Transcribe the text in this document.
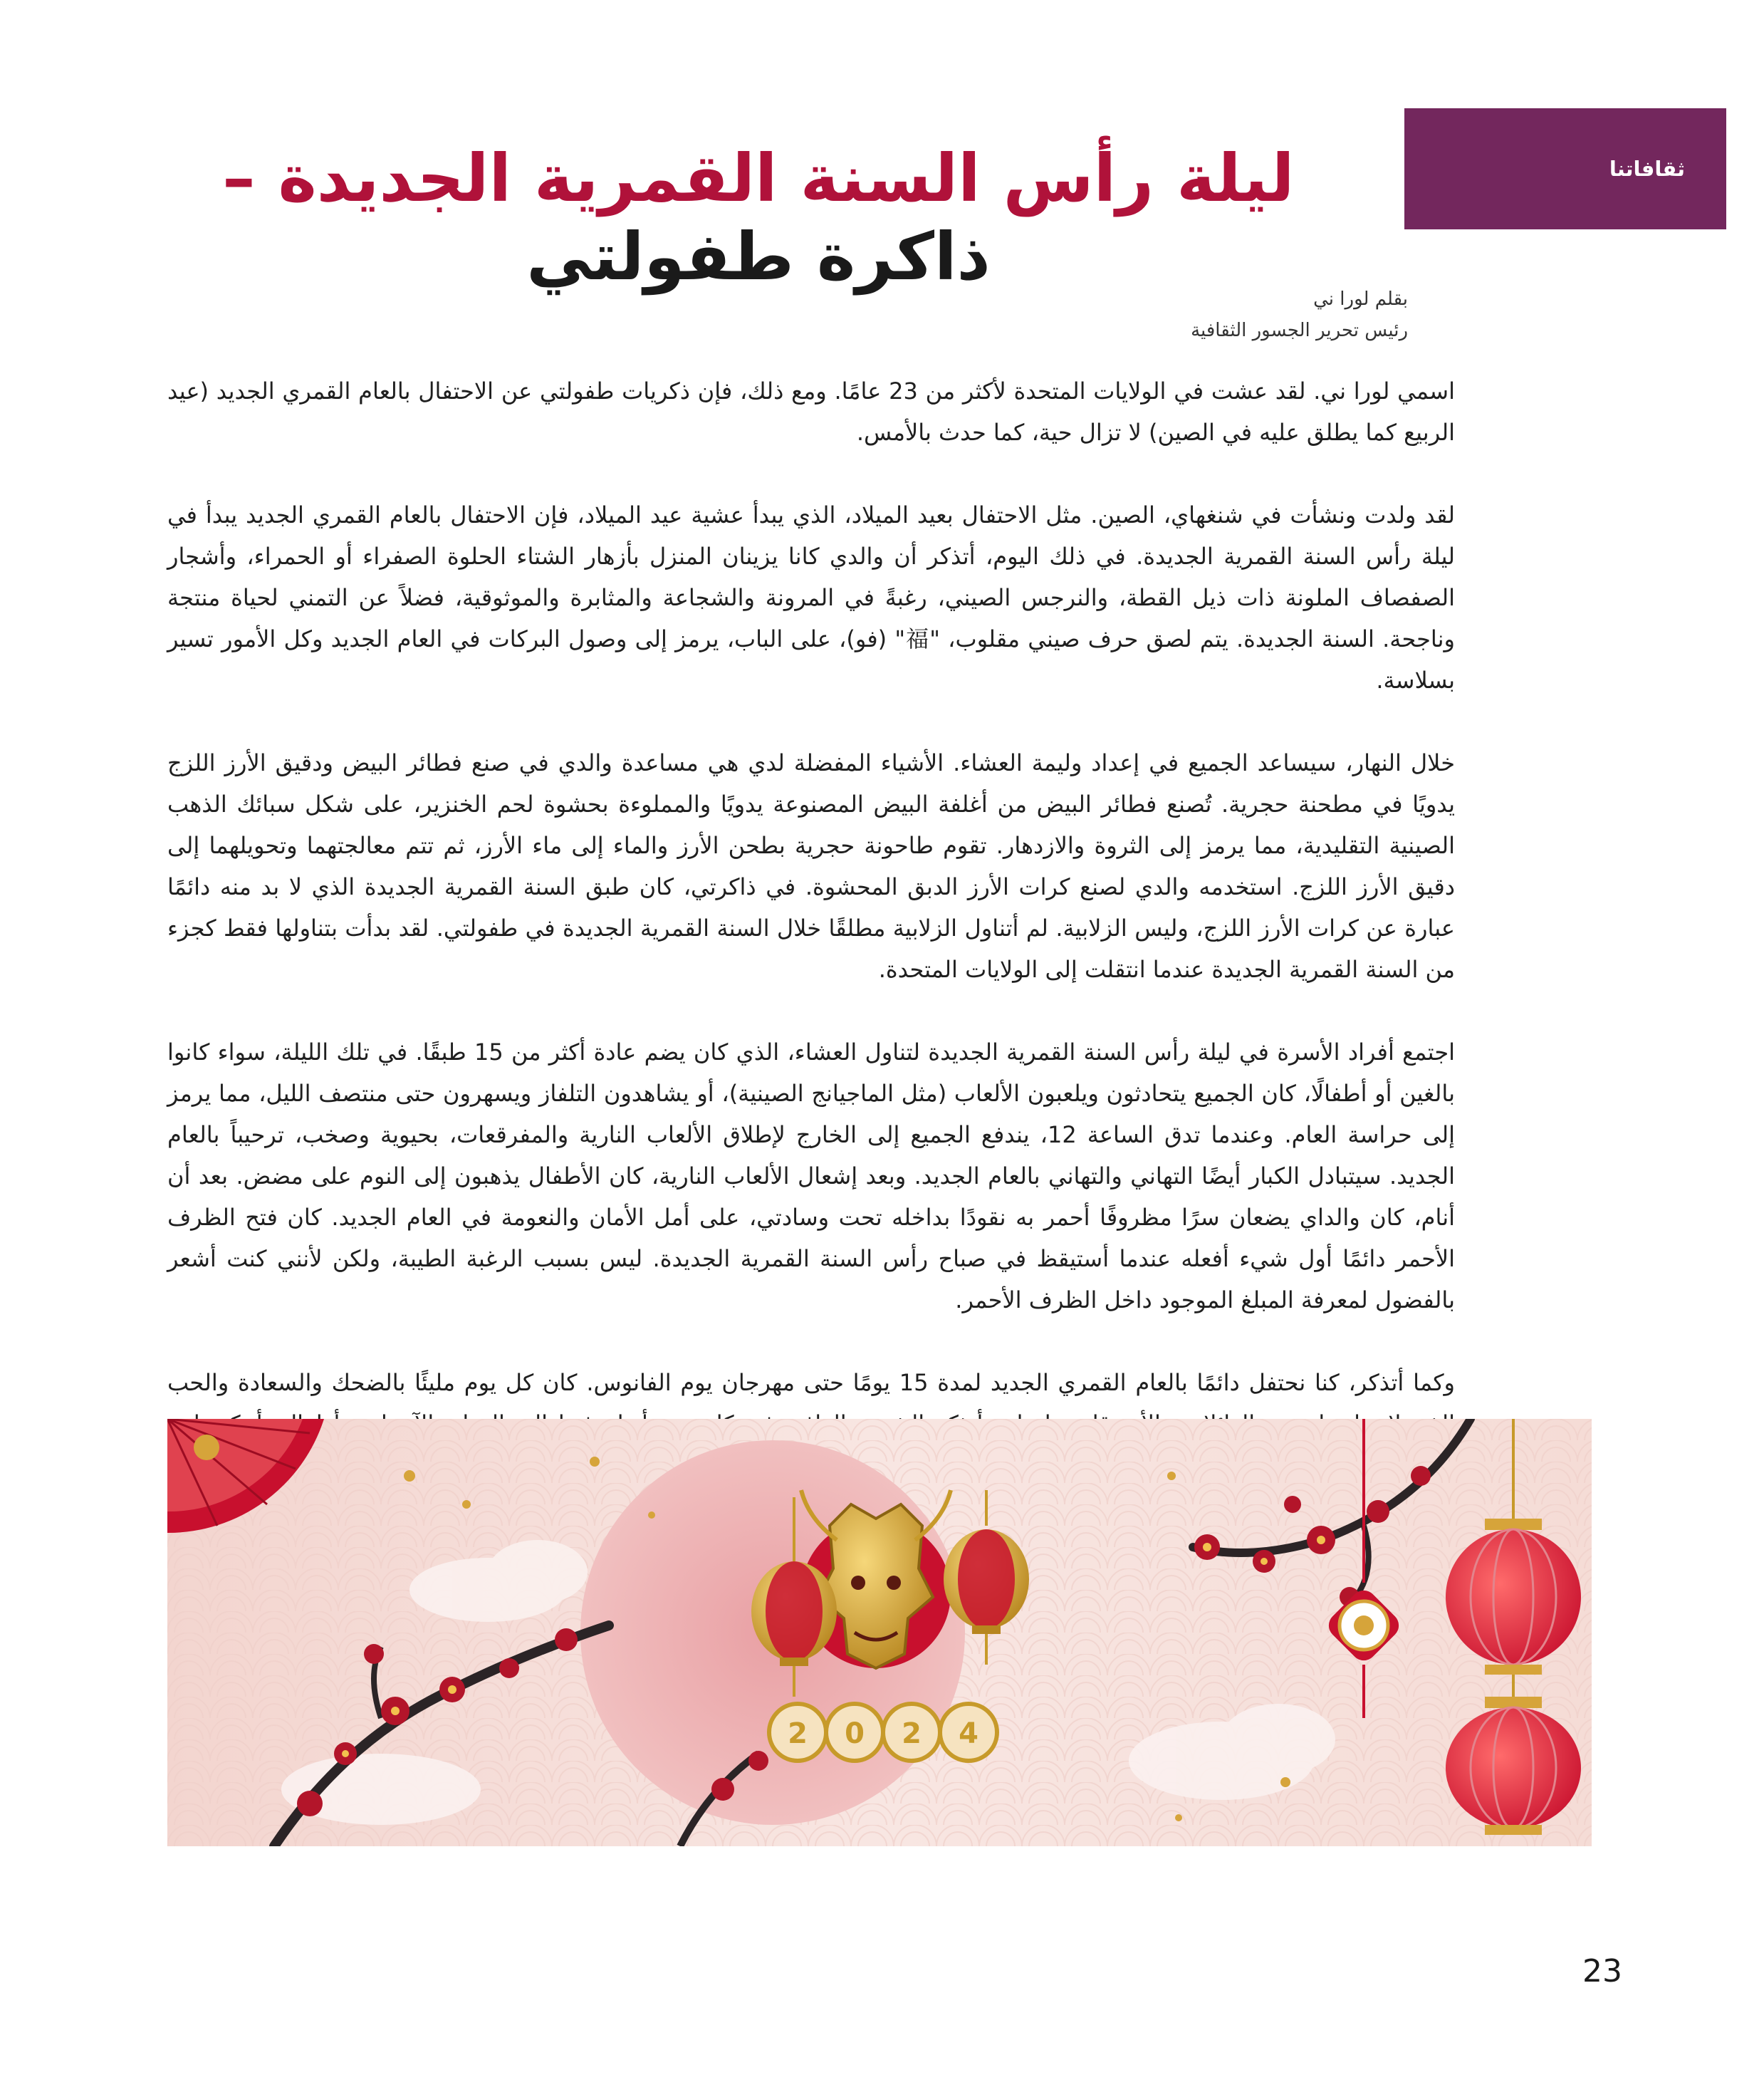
ثقافاتنا
ليلة رأس السنة القمرية الجديدة –
ذاكرة طفولتي
بقلم لورا ني
رئيس تحرير الجسور الثقافية

اسمي لورا ني. لقد عشت في الولايات المتحدة لأكثر من 23 عامًا. ومع ذلك، فإن ذكريات طفولتي عن الاحتفال بالعام القمري الجديد (عيد الربيع كما يطلق عليه في الصين) لا تزال حية، كما حدث بالأمس.

لقد ولدت ونشأت في شنغهاي، الصين. مثل الاحتفال بعيد الميلاد، الذي يبدأ عشية عيد الميلاد، فإن الاحتفال بالعام القمري الجديد يبدأ في ليلة رأس السنة القمرية الجديدة. في ذلك اليوم، أتذكر أن والدي كانا يزينان المنزل بأزهار الشتاء الحلوة الصفراء أو الحمراء، وأشجار الصفصاف الملونة ذات ذيل القطة، والنرجس الصيني، رغبةً في المرونة والشجاعة والمثابرة والموثوقية، فضلاً عن التمني لحياة منتجة وناجحة. السنة الجديدة. يتم لصق حرف صيني مقلوب، "福" (فو)، على الباب، يرمز إلى وصول البركات في العام الجديد وكل الأمور تسير بسلاسة.

خلال النهار، سيساعد الجميع في إعداد وليمة العشاء. الأشياء المفضلة لدي هي مساعدة والدي في صنع فطائر البيض ودقيق الأرز اللزج يدويًا في مطحنة حجرية. تُصنع فطائر البيض من أغلفة البيض المصنوعة يدويًا والمملوءة بحشوة لحم الخنزير، على شكل سبائك الذهب الصينية التقليدية، مما يرمز إلى الثروة والازدهار. تقوم طاحونة حجرية بطحن الأرز والماء إلى ماء الأرز، ثم تتم معالجتهما وتحويلهما إلى دقيق الأرز اللزج. استخدمه والدي لصنع كرات الأرز الدبق المحشوة. في ذاكرتي، كان طبق السنة القمرية الجديدة الذي لا بد منه دائمًا عبارة عن كرات الأرز اللزج، وليس الزلابية. لم أتناول الزلابية مطلقًا خلال السنة القمرية الجديدة في طفولتي. لقد بدأت بتناولها فقط كجزء من السنة القمرية الجديدة عندما انتقلت إلى الولايات المتحدة.

اجتمع أفراد الأسرة في ليلة رأس السنة القمرية الجديدة لتناول العشاء، الذي كان يضم عادة أكثر من 15 طبقًا. في تلك الليلة، سواء كانوا بالغين أو أطفالًا، كان الجميع يتحادثون ويلعبون الألعاب (مثل الماجيانج الصينية)، أو يشاهدون التلفاز ويسهرون حتى منتصف الليل، مما يرمز إلى حراسة العام. وعندما تدق الساعة 12، يندفع الجميع إلى الخارج لإطلاق الألعاب النارية والمفرقعات، بحيوية وصخب، ترحيباً بالعام الجديد. سيتبادل الكبار أيضًا التهاني والتهاني بالعام الجديد. وبعد إشعال الألعاب النارية، كان الأطفال يذهبون إلى النوم على مضض. بعد أن أنام، كان والداي يضعان سرًا مظروفًا أحمر به نقودًا بداخله تحت وسادتي، على أمل الأمان والنعومة في العام الجديد. كان فتح الظرف الأحمر دائمًا أول شيء أفعله عندما أستيقظ في صباح رأس السنة القمرية الجديدة. ليس بسبب الرغبة الطيبة، ولكن لأنني كنت أشعر بالفضول لمعرفة المبلغ الموجود داخل الظرف الأحمر.

وكما أتذكر، كنا نحتفل دائمًا بالعام القمري الجديد لمدة 15 يومًا حتى مهرجان يوم الفانوس. كان كل يوم مليئًا بالضحك والسعادة والحب

2 0 2 4
23
